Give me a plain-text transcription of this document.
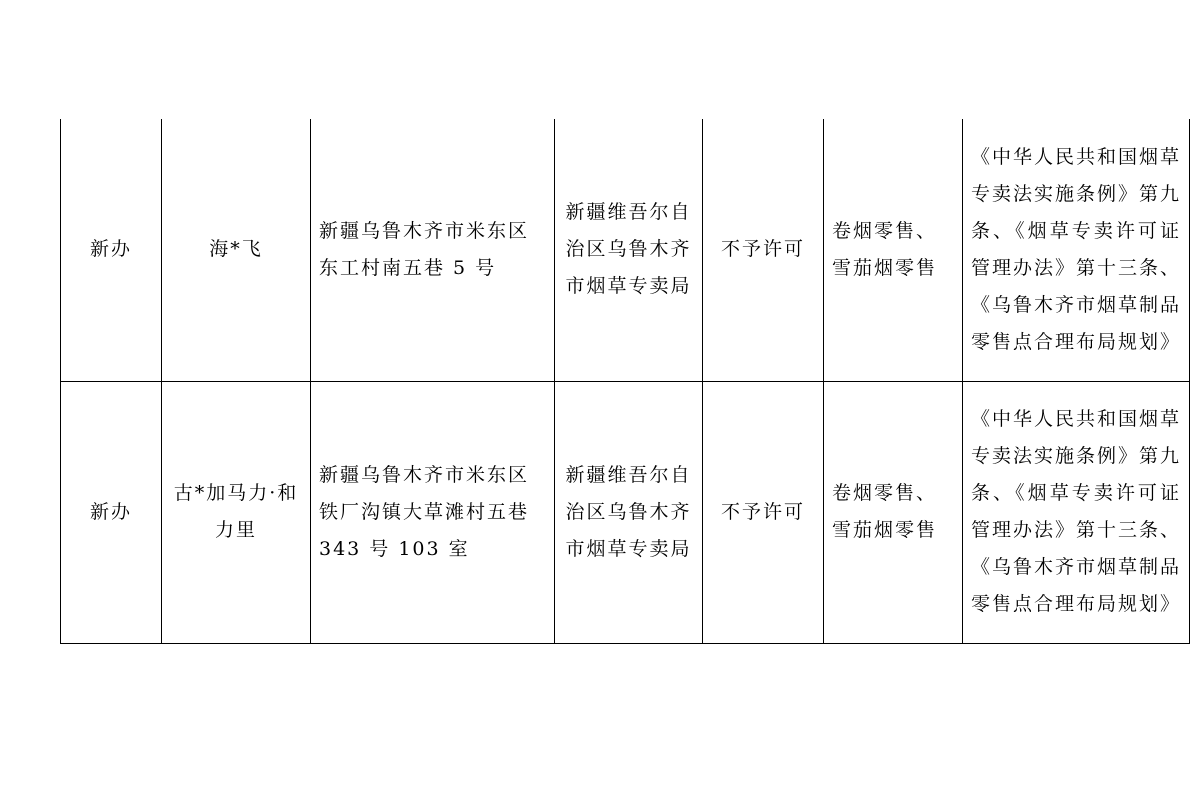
新办	海*飞	新疆乌鲁木齐市米东区东工村南五巷 5 号	新疆维吾尔自治区乌鲁木齐市烟草专卖局	不予许可	卷烟零售、雪茄烟零售	《中华人民共和国烟草专卖法实施条例》第九条、《烟草专卖许可证管理办法》第十三条、《乌鲁木齐市烟草制品零售点合理布局规划》

新办	古*加马力·和力里	新疆乌鲁木齐市米东区铁厂沟镇大草滩村五巷 343 号 103 室	新疆维吾尔自治区乌鲁木齐市烟草专卖局	不予许可	卷烟零售、雪茄烟零售	《中华人民共和国烟草专卖法实施条例》第九条、《烟草专卖许可证管理办法》第十三条、《乌鲁木齐市烟草制品零售点合理布局规划》
